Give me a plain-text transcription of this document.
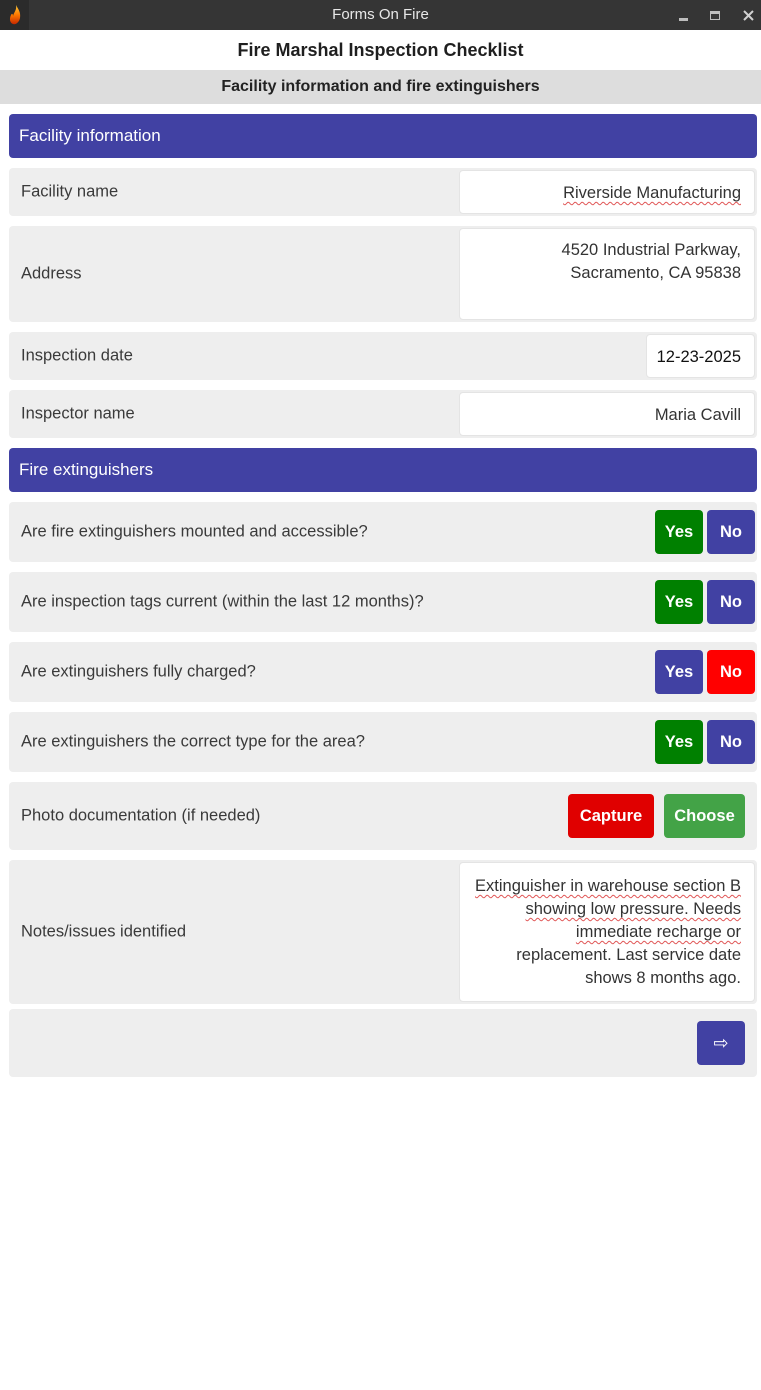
Forms On Fire
Fire Marshal Inspection Checklist
Facility information and fire extinguishers
Facility information
Facility name	Riverside Manufacturing
Address
4520 Industrial Parkway,
Sacramento, CA 95838
Inspection date	12-23-2025
Inspector name	Maria Cavill
Fire extinguishers
Are fire extinguishers mounted and accessible?	Yes	No
Are inspection tags current (within the last 12 months)?	Yes	No
Are extinguishers fully charged?	Yes	No
Are extinguishers the correct type for the area?	Yes	No
Photo documentation (if needed)	Capture	Choose
Notes/issues identified
Extinguisher in warehouse section B
showing low pressure. Needs
immediate recharge or
replacement. Last service date
shows 8 months ago.
⇨
